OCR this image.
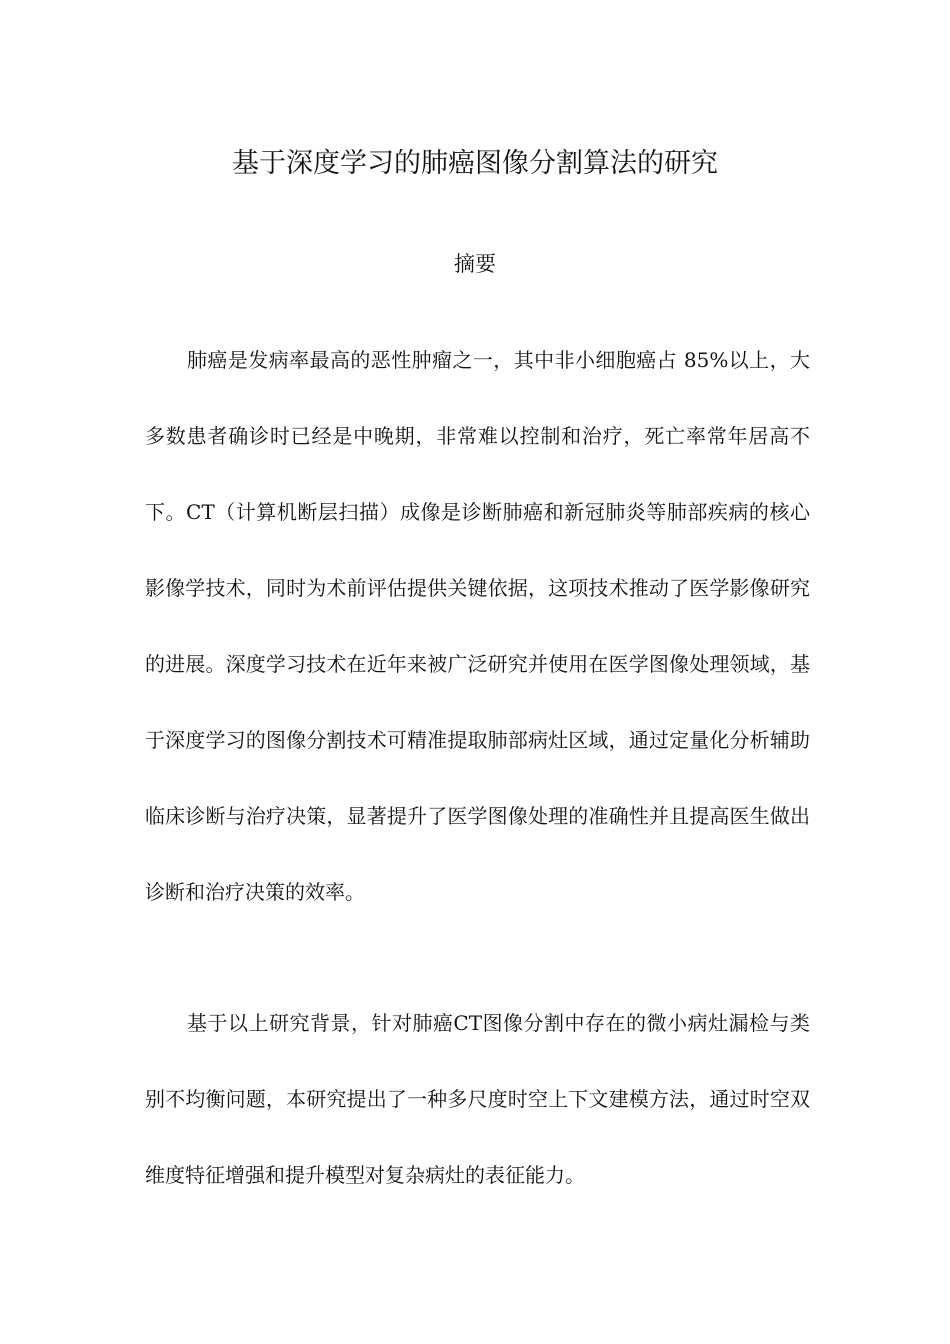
基于深度学习的肺癌图像分割算法的研究
摘要

肺癌是发病率最高的恶性肿瘤之一，其中非小细胞癌占 85%以上，大多数患者确诊时已经是中晚期，非常难以控制和治疗，死亡率常年居高不下。CT（计算机断层扫描）成像是诊断肺癌和新冠肺炎等肺部疾病的核心影像学技术，同时为术前评估提供关键依据，这项技术推动了医学影像研究的进展。深度学习技术在近年来被广泛研究并使用在医学图像处理领域，基于深度学习的图像分割技术可精准提取肺部病灶区域，通过定量化分析辅助临床诊断与治疗决策，显著提升了医学图像处理的准确性并且提高医生做出诊断和治疗决策的效率。

基于以上研究背景，针对肺癌CT图像分割中存在的微小病灶漏检与类别不均衡问题，本研究提出了一种多尺度时空上下文建模方法，通过时空双维度特征增强和提升模型对复杂病灶的表征能力。
